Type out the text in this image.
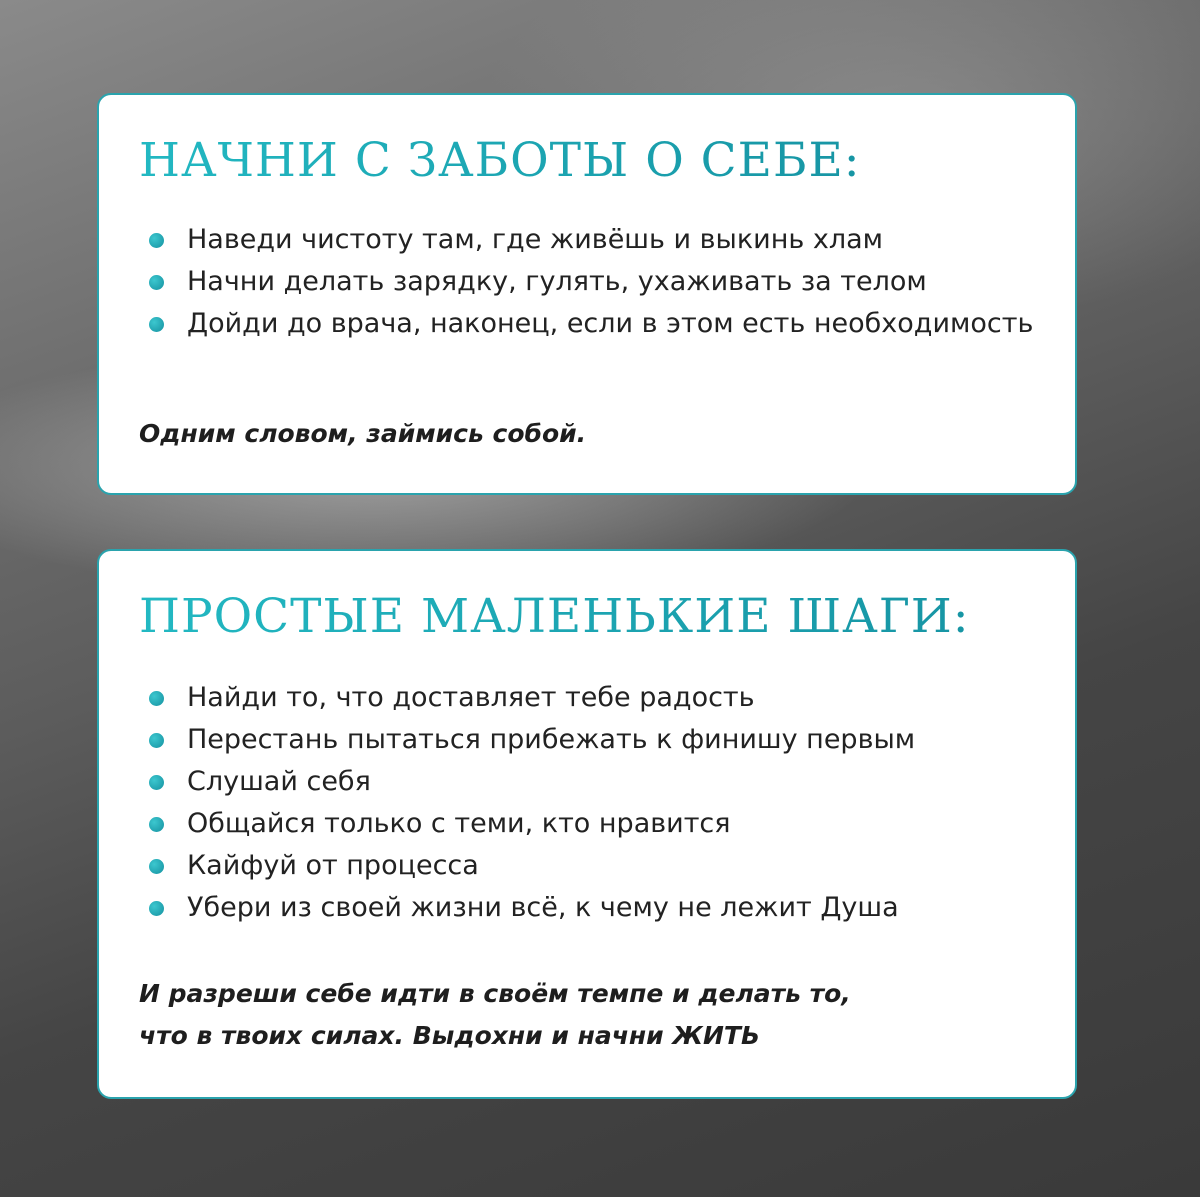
НАЧНИ С ЗАБОТЫ О СЕБЕ:
Наведи чистоту там, где живёшь и выкинь хлам
Начни делать зарядку, гулять, ухаживать за телом
Дойди до врача, наконец, если в этом есть необходимость

Одним словом, займись собой.

ПРОСТЫЕ МАЛЕНЬКИЕ ШАГИ:
Найди то, что доставляет тебе радость
Перестань пытаться прибежать к финишу первым
Слушай себя
Общайся только с теми, кто нравится
Кайфуй от процесса
Убери из своей жизни всё, к чему не лежит Душа

И разреши себе идти в своём темпе и делать то,
что в твоих силах. Выдохни и начни ЖИТЬ
